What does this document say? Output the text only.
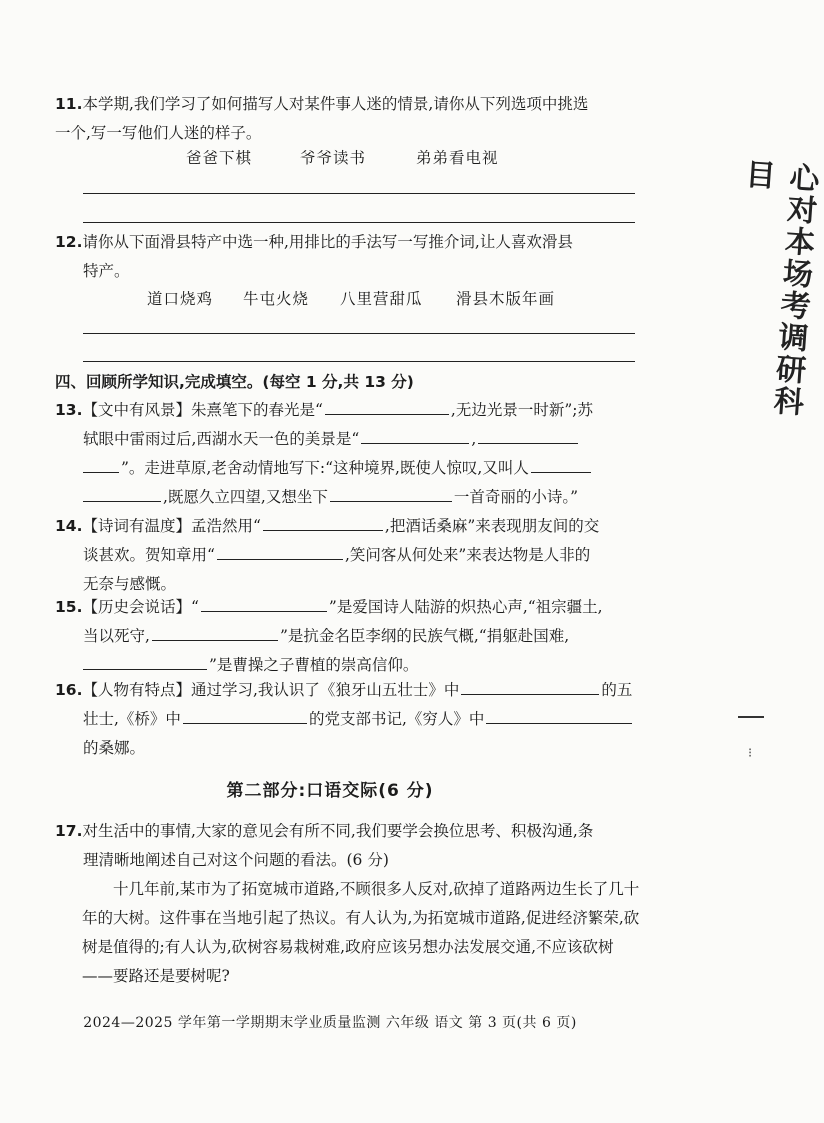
11.本学期,我们学习了如何描写人对某件事人迷的情景,请你从下列选项中挑选
一个,写一写他们人迷的样子。
爸爸下棋	爷爷读书	弟弟看电视
12.请你从下面滑县特产中选一种,用排比的手法写一写推介词,让人喜欢滑县
特产。
道口烧鸡 牛屯火烧 八里营甜瓜 滑县木版年画
四、回顾所学知识,完成填空。(每空 1 分,共 13 分)
13.【文中有风景】朱熹笔下的春光是“	,无边光景一时新”;苏
轼眼中雷雨过后,西湖水天一色的美景是“	,
”。走进草原,老舍动情地写下:“这种境界,既使人惊叹,又叫人
,既愿久立四望,又想坐下	一首奇丽的小诗。”
14.【诗词有温度】孟浩然用“	,把酒话桑麻”来表现朋友间的交
谈甚欢。贺知章用“	,笑问客从何处来”来表达物是人非的
无奈与感慨。
15.【历史会说话】“	”是爱国诗人陆游的炽热心声,“祖宗疆土,
当以死守,	”是抗金名臣李纲的民族气概,“捐躯赴国难,
”是曹操之子曹植的崇高信仰。
16.【人物有特点】通过学习,我认识了《狼牙山五壮士》中	的五
壮士,《桥》中	的党支部书记,《穷人》中
的桑娜。
第二部分:口语交际(6 分)
17.对生活中的事情,大家的意见会有所不同,我们要学会换位思考、积极沟通,条
理清晰地阐述自己对这个问题的看法。(6 分)
十几年前,某市为了拓宽城市道路,不顾很多人反对,砍掉了道路两边生长了几十年的大树。这件事在当地引起了热议。有人认为,为拓宽城市道路,促进经济繁荣,砍树是值得的;有人认为,砍树容易栽树难,政府应该另想办法发展交通,不应该砍树——要路还是要树呢?
2024—2025 学年第一学期期末学业质量监测 六年级 语文 第 3 页(共 6 页)
心对本场考调研科目
⁝
